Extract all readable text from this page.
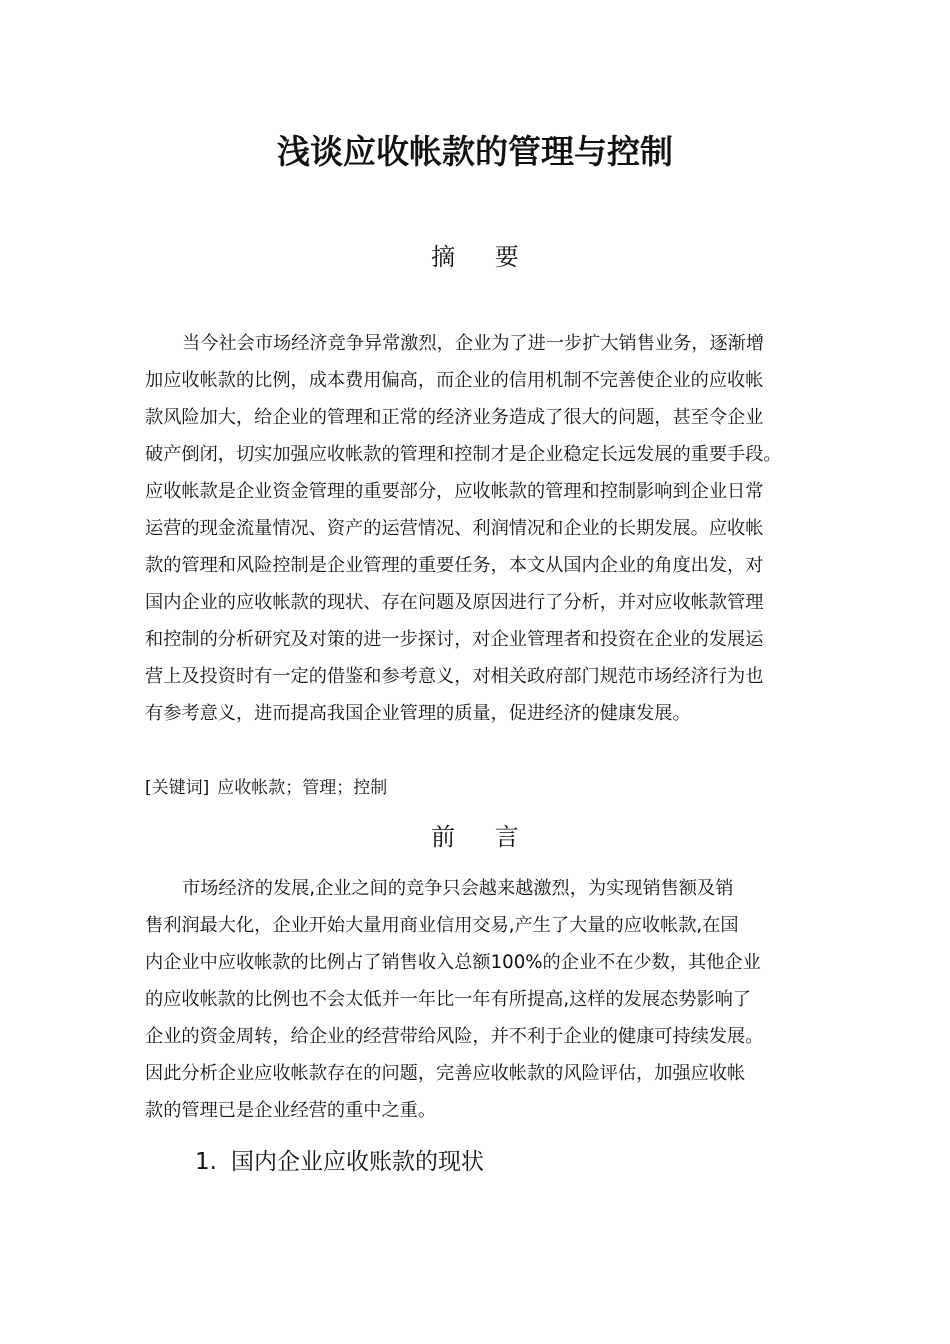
浅谈应收帐款的管理与控制
摘 要
当今社会市场经济竞争异常激烈，企业为了进一步扩大销售业务，逐渐增
加应收帐款的比例，成本费用偏高，而企业的信用机制不完善使企业的应收帐
款风险加大，给企业的管理和正常的经济业务造成了很大的问题，甚至令企业
破产倒闭，切实加强应收帐款的管理和控制才是企业稳定长远发展的重要手段。
应收帐款是企业资金管理的重要部分，应收帐款的管理和控制影响到企业日常
运营的现金流量情况、资产的运营情况、利润情况和企业的长期发展。应收帐
款的管理和风险控制是企业管理的重要任务，本文从国内企业的角度出发，对
国内企业的应收帐款的现状、存在问题及原因进行了分析，并对应收帐款管理
和控制的分析研究及对策的进一步探讨，对企业管理者和投资在企业的发展运
营上及投资时有一定的借鉴和参考意义，对相关政府部门规范市场经济行为也
有参考意义，进而提高我国企业管理的质量，促进经济的健康发展。
[关键词] 应收帐款；管理；控制
前 言
市场经济的发展,企业之间的竞争只会越来越激烈，为实现销售额及销
售利润最大化，企业开始大量用商业信用交易,产生了大量的应收帐款,在国
内企业中应收帐款的比例占了销售收入总额100%的企业不在少数，其他企业
的应收帐款的比例也不会太低并一年比一年有所提高,这样的发展态势影响了
企业的资金周转，给企业的经营带给风险，并不利于企业的健康可持续发展。
因此分析企业应收帐款存在的问题，完善应收帐款的风险评估，加强应收帐
款的管理已是企业经营的重中之重。
1. 国内企业应收账款的现状
